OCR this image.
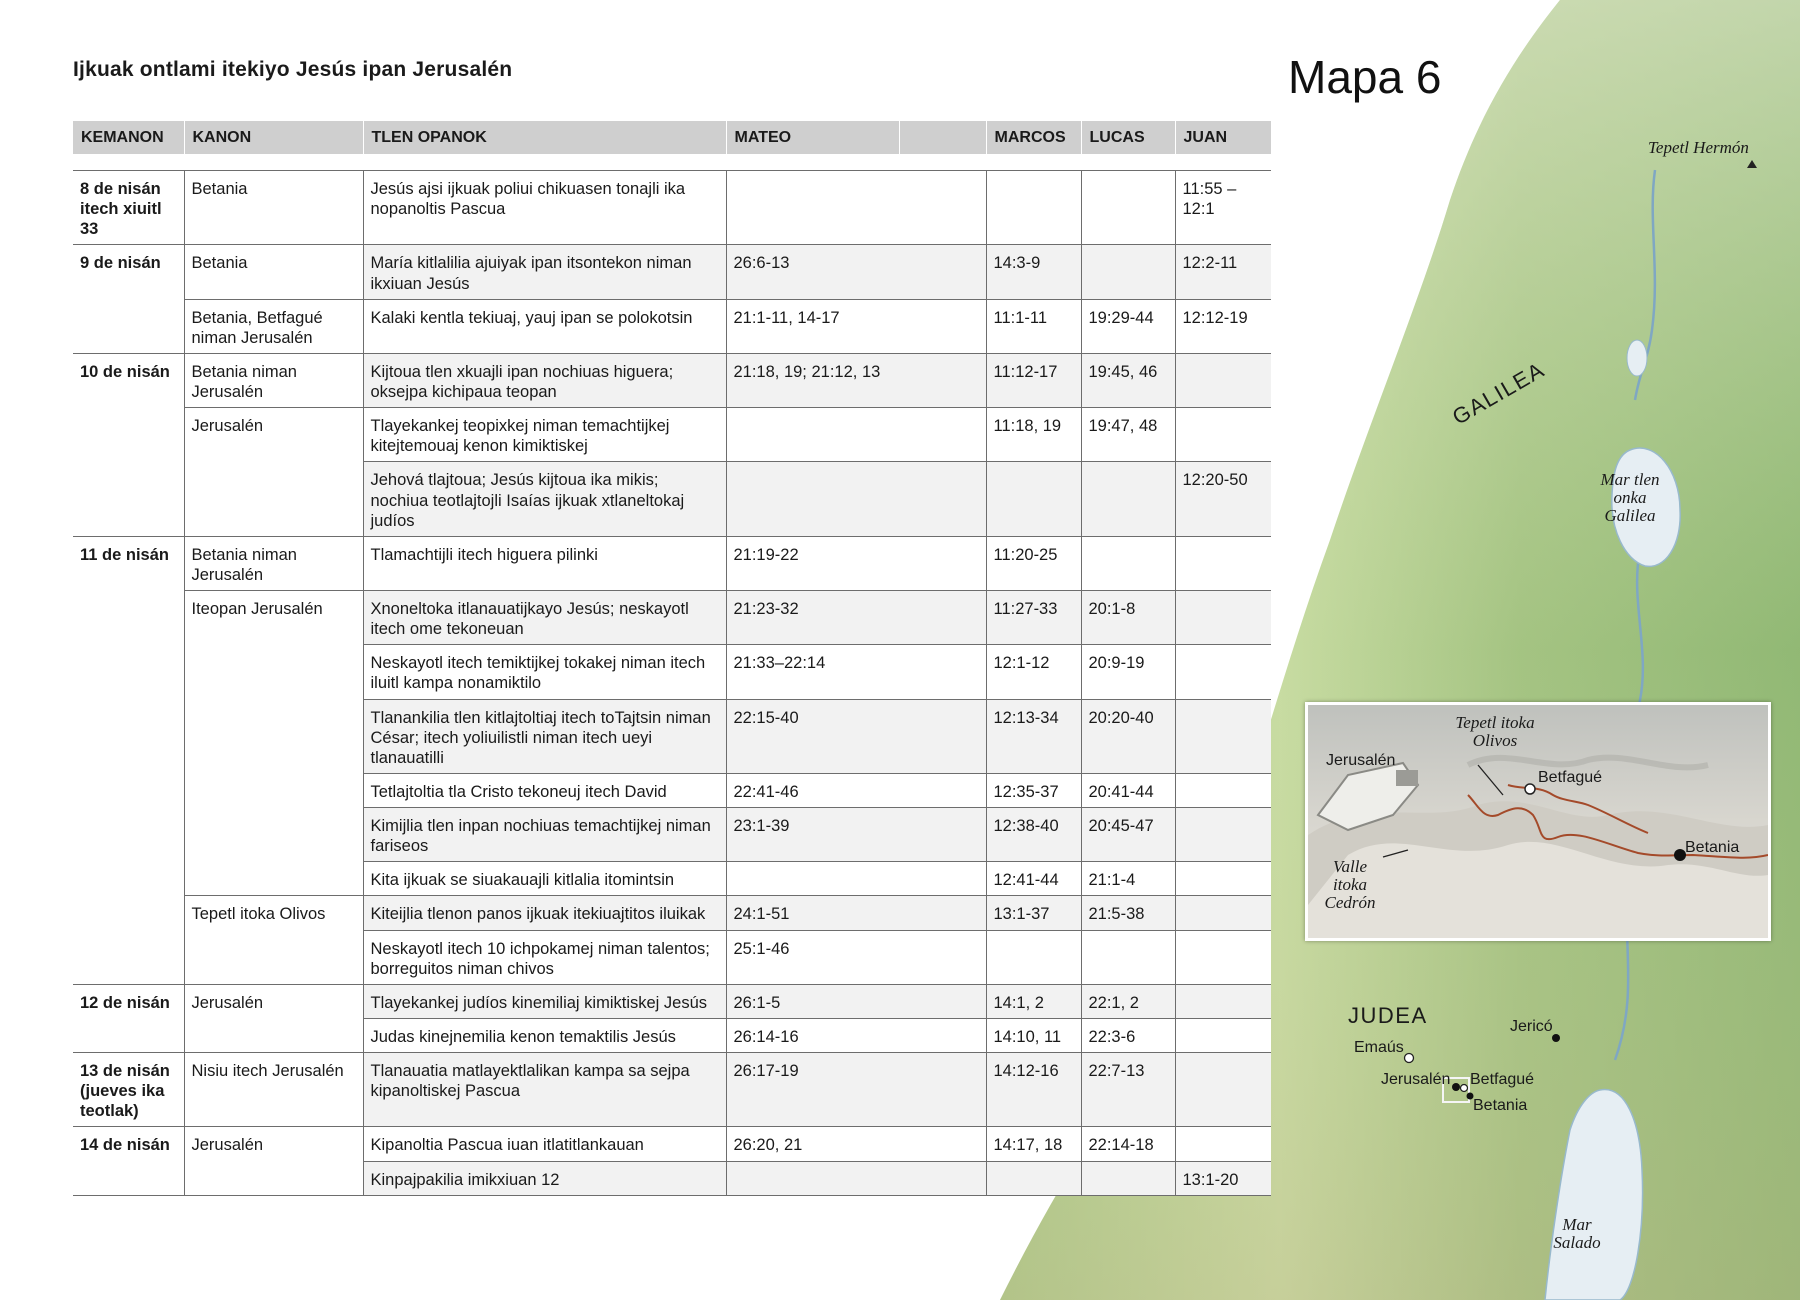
Ijkuak ontlami itekiyo Jesús ipan Jerusalén	Mapa 6
KEMANON	KANON	TLEN OPANOK	MATEO		MARCOS	LUCAS	JUAN

8 de nisán itech xiuitl 33	Betania	Jesús ajsi ijkuak poliui chikuasen tonajli ika nopanoltis Pascua					11:55 – 12:1
9 de nisán	Betania	María kitlalilia ajuiyak ipan itsontekon niman ikxiuan Jesús	26:6-13		14:3-9		12:2-11
	Betania, Betfagué niman Jerusalén	Kalaki kentla tekiuaj, yauj ipan se polokotsin	21:1-11, 14-17		11:1-11	19:29-44	12:12-19
10 de nisán	Betania niman Jerusalén	Kijtoua tlen xkuajli ipan nochiuas higuera; oksejpa kichipaua teopan	21:18, 19; 21:12, 13		11:12-17	19:45, 46	
	Jerusalén	Tlayekankej teopixkej niman temachtijkej kitejtemouaj kenon kimiktiskej			11:18, 19	19:47, 48	
		Jehová tlajtoua; Jesús kijtoua ika mikis; nochiua teotlajtojli Isaías ijkuak xtlaneltokaj judíos					12:20-50
11 de nisán	Betania niman Jerusalén	Tlamachtijli itech higuera pilinki	21:19-22		11:20-25		
	Iteopan Jerusalén	Xnoneltoka itlanauatijkayo Jesús; neskayotl itech ome tekoneuan	21:23-32		11:27-33	20:1-8	
		Neskayotl itech temiktijkej tokakej niman itech iluitl kampa nonamiktilo	21:33–22:14		12:1-12	20:9-19	
		Tlanankilia tlen kitlajtoltiaj itech toTajtsin niman César; itech yoliuilistli niman itech ueyi tlanauatilli	22:15-40		12:13-34	20:20-40	
		Tetlajtoltia tla Cristo tekoneuj itech David	22:41-46		12:35-37	20:41-44	
		Kimijlia tlen inpan nochiuas temachtijkej niman fariseos	23:1-39		12:38-40	20:45-47	
		Kita ijkuak se siuakauajli kitlalia itomintsin			12:41-44	21:1-4	
	Tepetl itoka Olivos	Kiteijlia tlenon panos ijkuak itekiuajtitos iluikak	24:1-51		13:1-37	21:5-38	
		Neskayotl itech 10 ichpokamej niman talentos; borreguitos niman chivos	25:1-46				
12 de nisán	Jerusalén	Tlayekankej judíos kinemiliaj kimiktiskej Jesús	26:1-5		14:1, 2	22:1, 2	
		Judas kinejnemilia kenon temaktilis Jesús	26:14-16		14:10, 11	22:3-6	
13 de nisán (jueves ika teotlak)	Nisiu itech Jerusalén	Tlanauatia matlayektlalikan kampa sa sejpa kipanoltiskej Pascua	26:17-19		14:12-16	22:7-13	
14 de nisán	Jerusalén	Kipanoltia Pascua iuan itlatitlankauan	26:20, 21		14:17, 18	22:14-18	
		Kinpajpakilia imikxiuan 12					13:1-20
Tepetl Hermón
GALILEA
Mar tlen
onka
Galilea
JUDEA	Jericó
Emaús
Jerusalén Betfagué
Betania
Mar
Salado
Tepetl itoka
Olivos
Jerusalén
Betfagué
Betania
Valle
itoka
Cedrón
